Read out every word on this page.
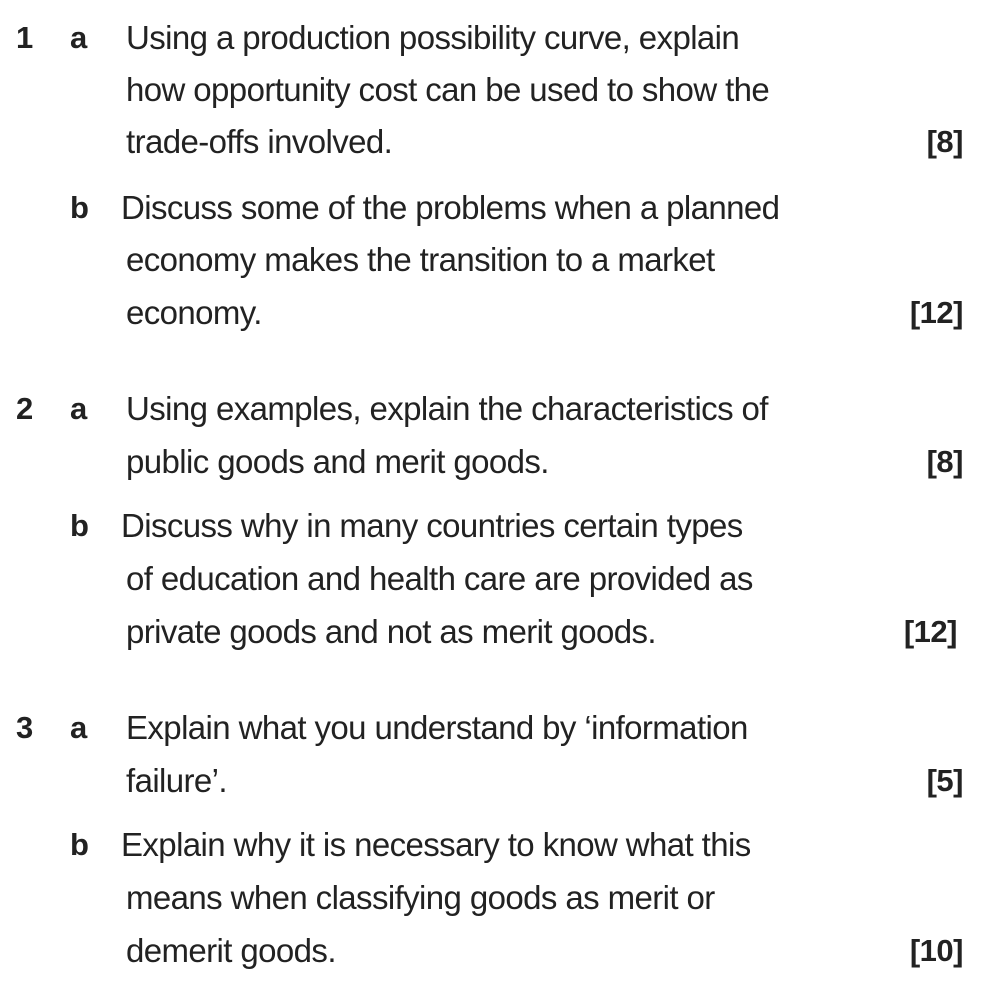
1 a Using a production possibility curve, explain
how opportunity cost can be used to show the
trade-offs involved.	[8]
b Discuss some of the problems when a planned
economy makes the transition to a market
economy.	[12]
2 a Using examples, explain the characteristics of
public goods and merit goods.	[8]
b Discuss why in many countries certain types
of education and health care are provided as
private goods and not as merit goods.	[12]
3 a Explain what you understand by ‘information
failure’.	[5]
b Explain why it is necessary to know what this
means when classifying goods as merit or
demerit goods.	[10]
